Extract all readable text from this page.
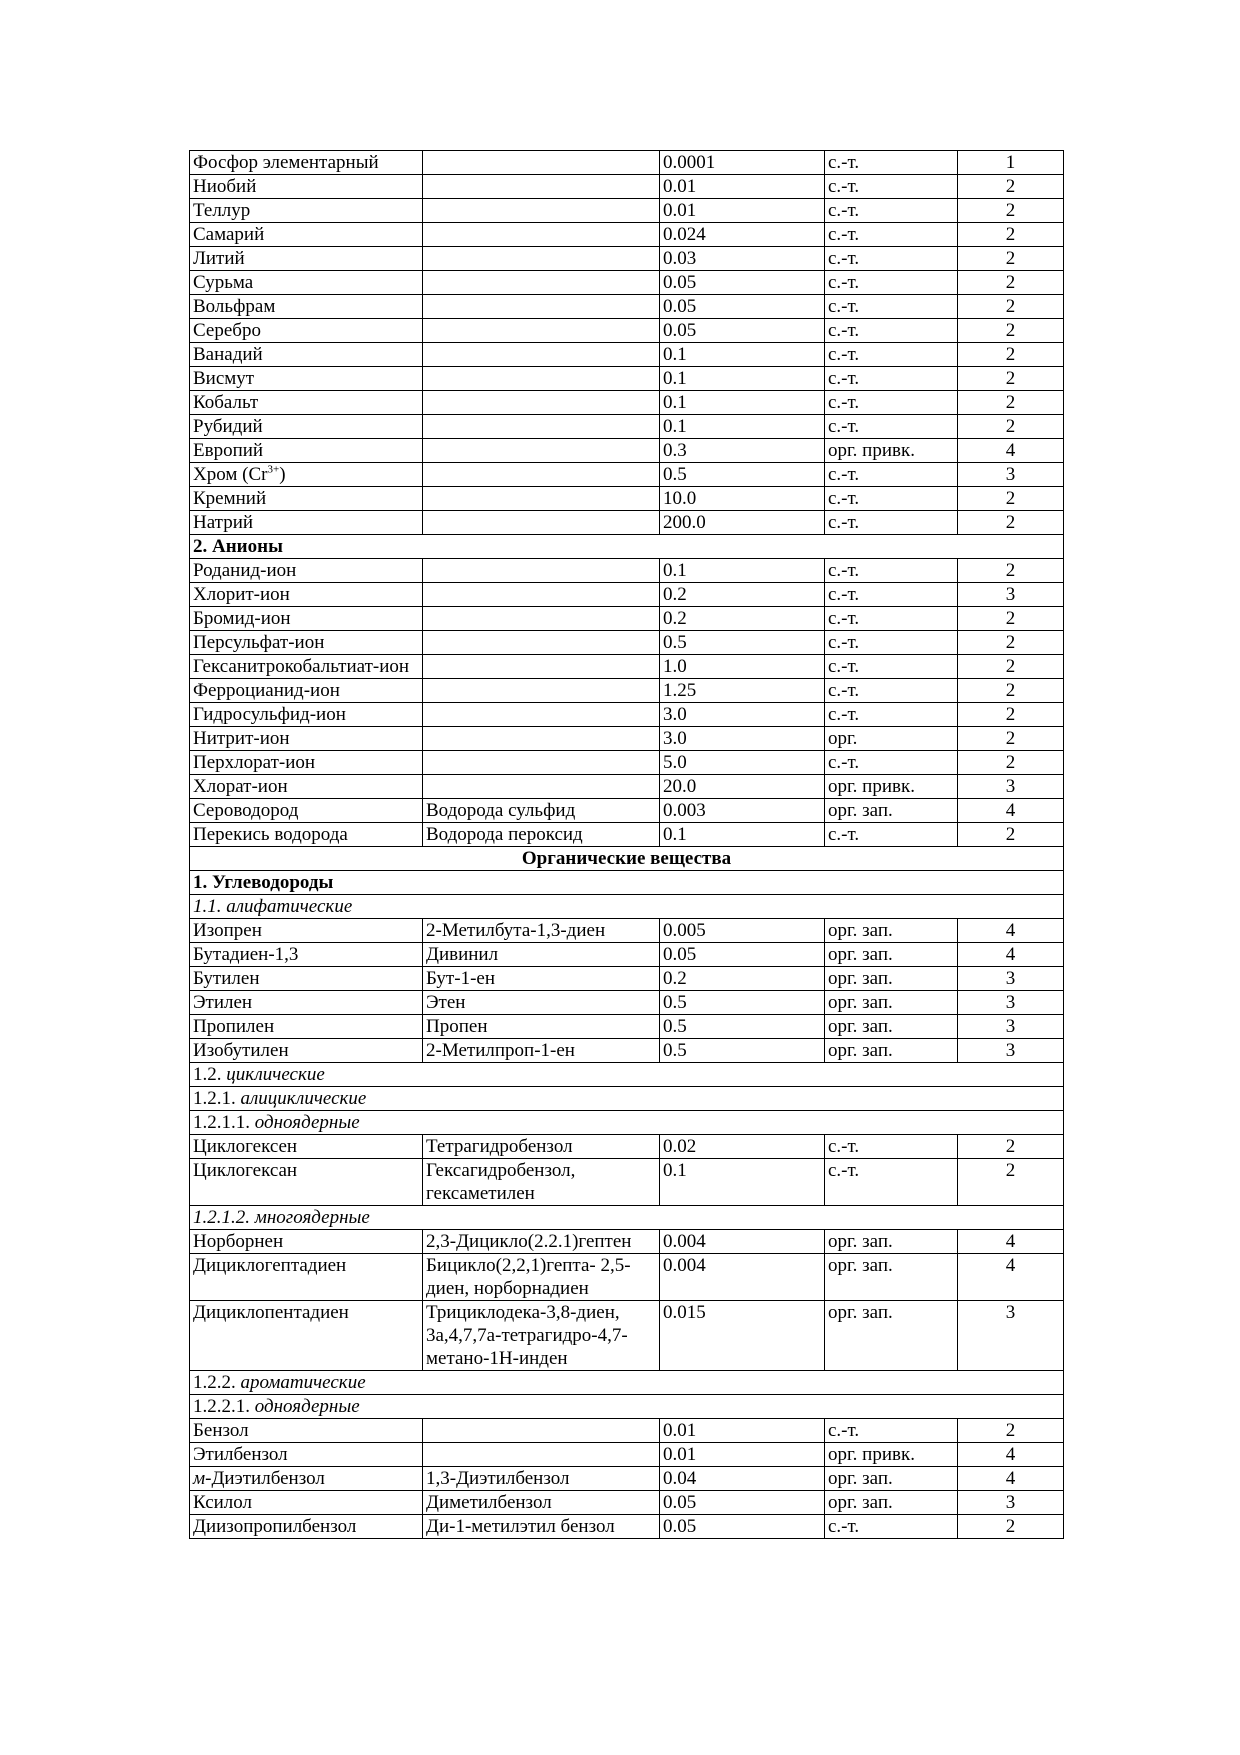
Фосфор элементарный		0.0001	с.-т.	1
Ниобий		0.01	с.-т.	2
Теллур		0.01	с.-т.	2
Самарий		0.024	с.-т.	2
Литий		0.03	с.-т.	2
Сурьма		0.05	с.-т.	2
Вольфрам		0.05	с.-т.	2
Серебро		0.05	с.-т.	2
Ванадий		0.1	с.-т.	2
Висмут		0.1	с.-т.	2
Кобальт		0.1	с.-т.	2
Рубидий		0.1	с.-т.	2
Европий		0.3	орг. привк.	4
Хром $(Cr^{3+})$		0.5	с.-т.	3
Кремний		10.0	с.-т.	2
Натрий		200.0	с.-т.	2
2. Анионы				
Роданид-ион		0.1	с.-т.	2
Хлорит-ион		0.2	с.-т.	3
Бромид-ион		0.2	с.-т.	2
Персульфат-ион		0.5	с.-т.	2
Гексанитрокобальтиат-ион		1.0	с.-т.	2
Ферроцианид-ион		1.25	с.-т.	2
Гидросульфид-ион		3.0	с.-т.	2
Нитрит-ион		3.0	орг.	2
Перхлорат-ион		5.0	с.-т.	2
Хлорат-ион		20.0	орг. привк.	3
Сероводород	Водорода сульфид	0.003	орг. зап.	4
Перекись водорода	Водорода пероксид	0.1	с.-т.	2
Органические вещества				
1. Углеводороды				
1.1. алифатические				
Изопрен	2-Метилбута-1,3-диен	0.005	орг. зап.	4
Бутадиен-1,3	Дивинил	0.05	орг. зап.	4
Бутилен	Бут-1-ен	0.2	орг. зап.	3
Этилен	Этен	0.5	орг. зап.	3
Пропилен	Пропен	0.5	орг. зап.	3
Изобутилен	2-Метилпроп-1-ен	0.5	орг. зап.	3
1.2. циклические				
1.2.1. алициклические				
1.2.1.1. одноядерные				
Циклогексен	Тетрагидробензол	0.02	с.-т.	2
Циклогексан	Гексагидробензол, гексаметилен	0.1	с.-т.	2
1.2.1.2. многоядерные				
Норборнен	2,3-Дицикло(2.2.1)гептен	0.004	орг. зап.	4
Дициклогептадиен	Бицикло(2,2,1)гепта- 2,5-диен, норборнадиен	0.004	орг. зап.	4
Дициклопентадиен	Трициклодека-3,8-диен, 3а,4,7,7а-тетрагидро-4,7-метано-1Н-инден	0.015	орг. зап.	3
1.2.2. ароматические				
1.2.2.1. одноядерные				
Бензол		0.01	с.-т.	2
Этилбензол		0.01	орг. привк.	4
м-Диэтилбензол	1,3-Диэтилбензол	0.04	орг. зап.	4
Ксилол	Диметилбензол	0.05	орг. зап.	3
Диизопропилбензол	Ди-1-метилэтил бензол	0.05	с.-т.	2
